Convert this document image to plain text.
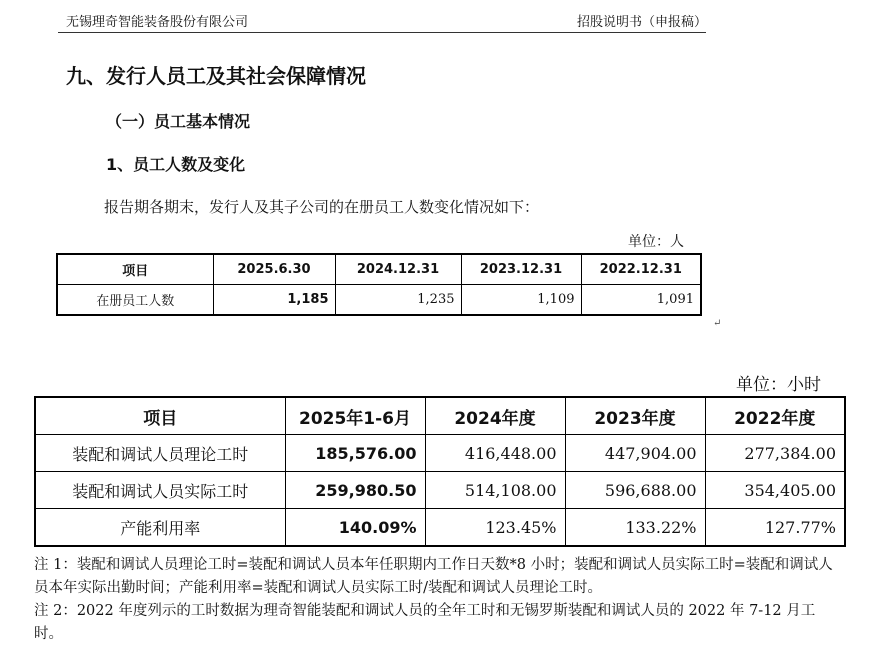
无锡理奇智能装备股份有限公司	招股说明书（申报稿）
九、发行人员工及其社会保障情况
（一）员工基本情况
1、员工人数及变化
报告期各期末，发行人及其子公司的在册员工人数变化情况如下：
单位：人
项目	2025.6.30	2024.12.31	2023.12.31	2022.12.31
在册员工人数	1,185	1,235	1,109	1,091
↵
单位：小时
项目	2025年1-6月	2024年度	2023年度	2022年度
装配和调试人员理论工时	185,576.00	416,448.00	447,904.00	277,384.00
装配和调试人员实际工时	259,980.50	514,108.00	596,688.00	354,405.00
产能利用率	140.09%	123.45%	133.22%	127.77%

注 1：装配和调试人员理论工时=装配和调试人员本年任职期内工作日天数*8 小时；装配和调试人员实际工时=装配和调试人员本年实际出勤时间；产能利用率=装配和调试人员实际工时/装配和调试人员理论工时。

注 2：2022 年度列示的工时数据为理奇智能装配和调试人员的全年工时和无锡罗斯装配和调试人员的 2022 年 7-12 月工时。
